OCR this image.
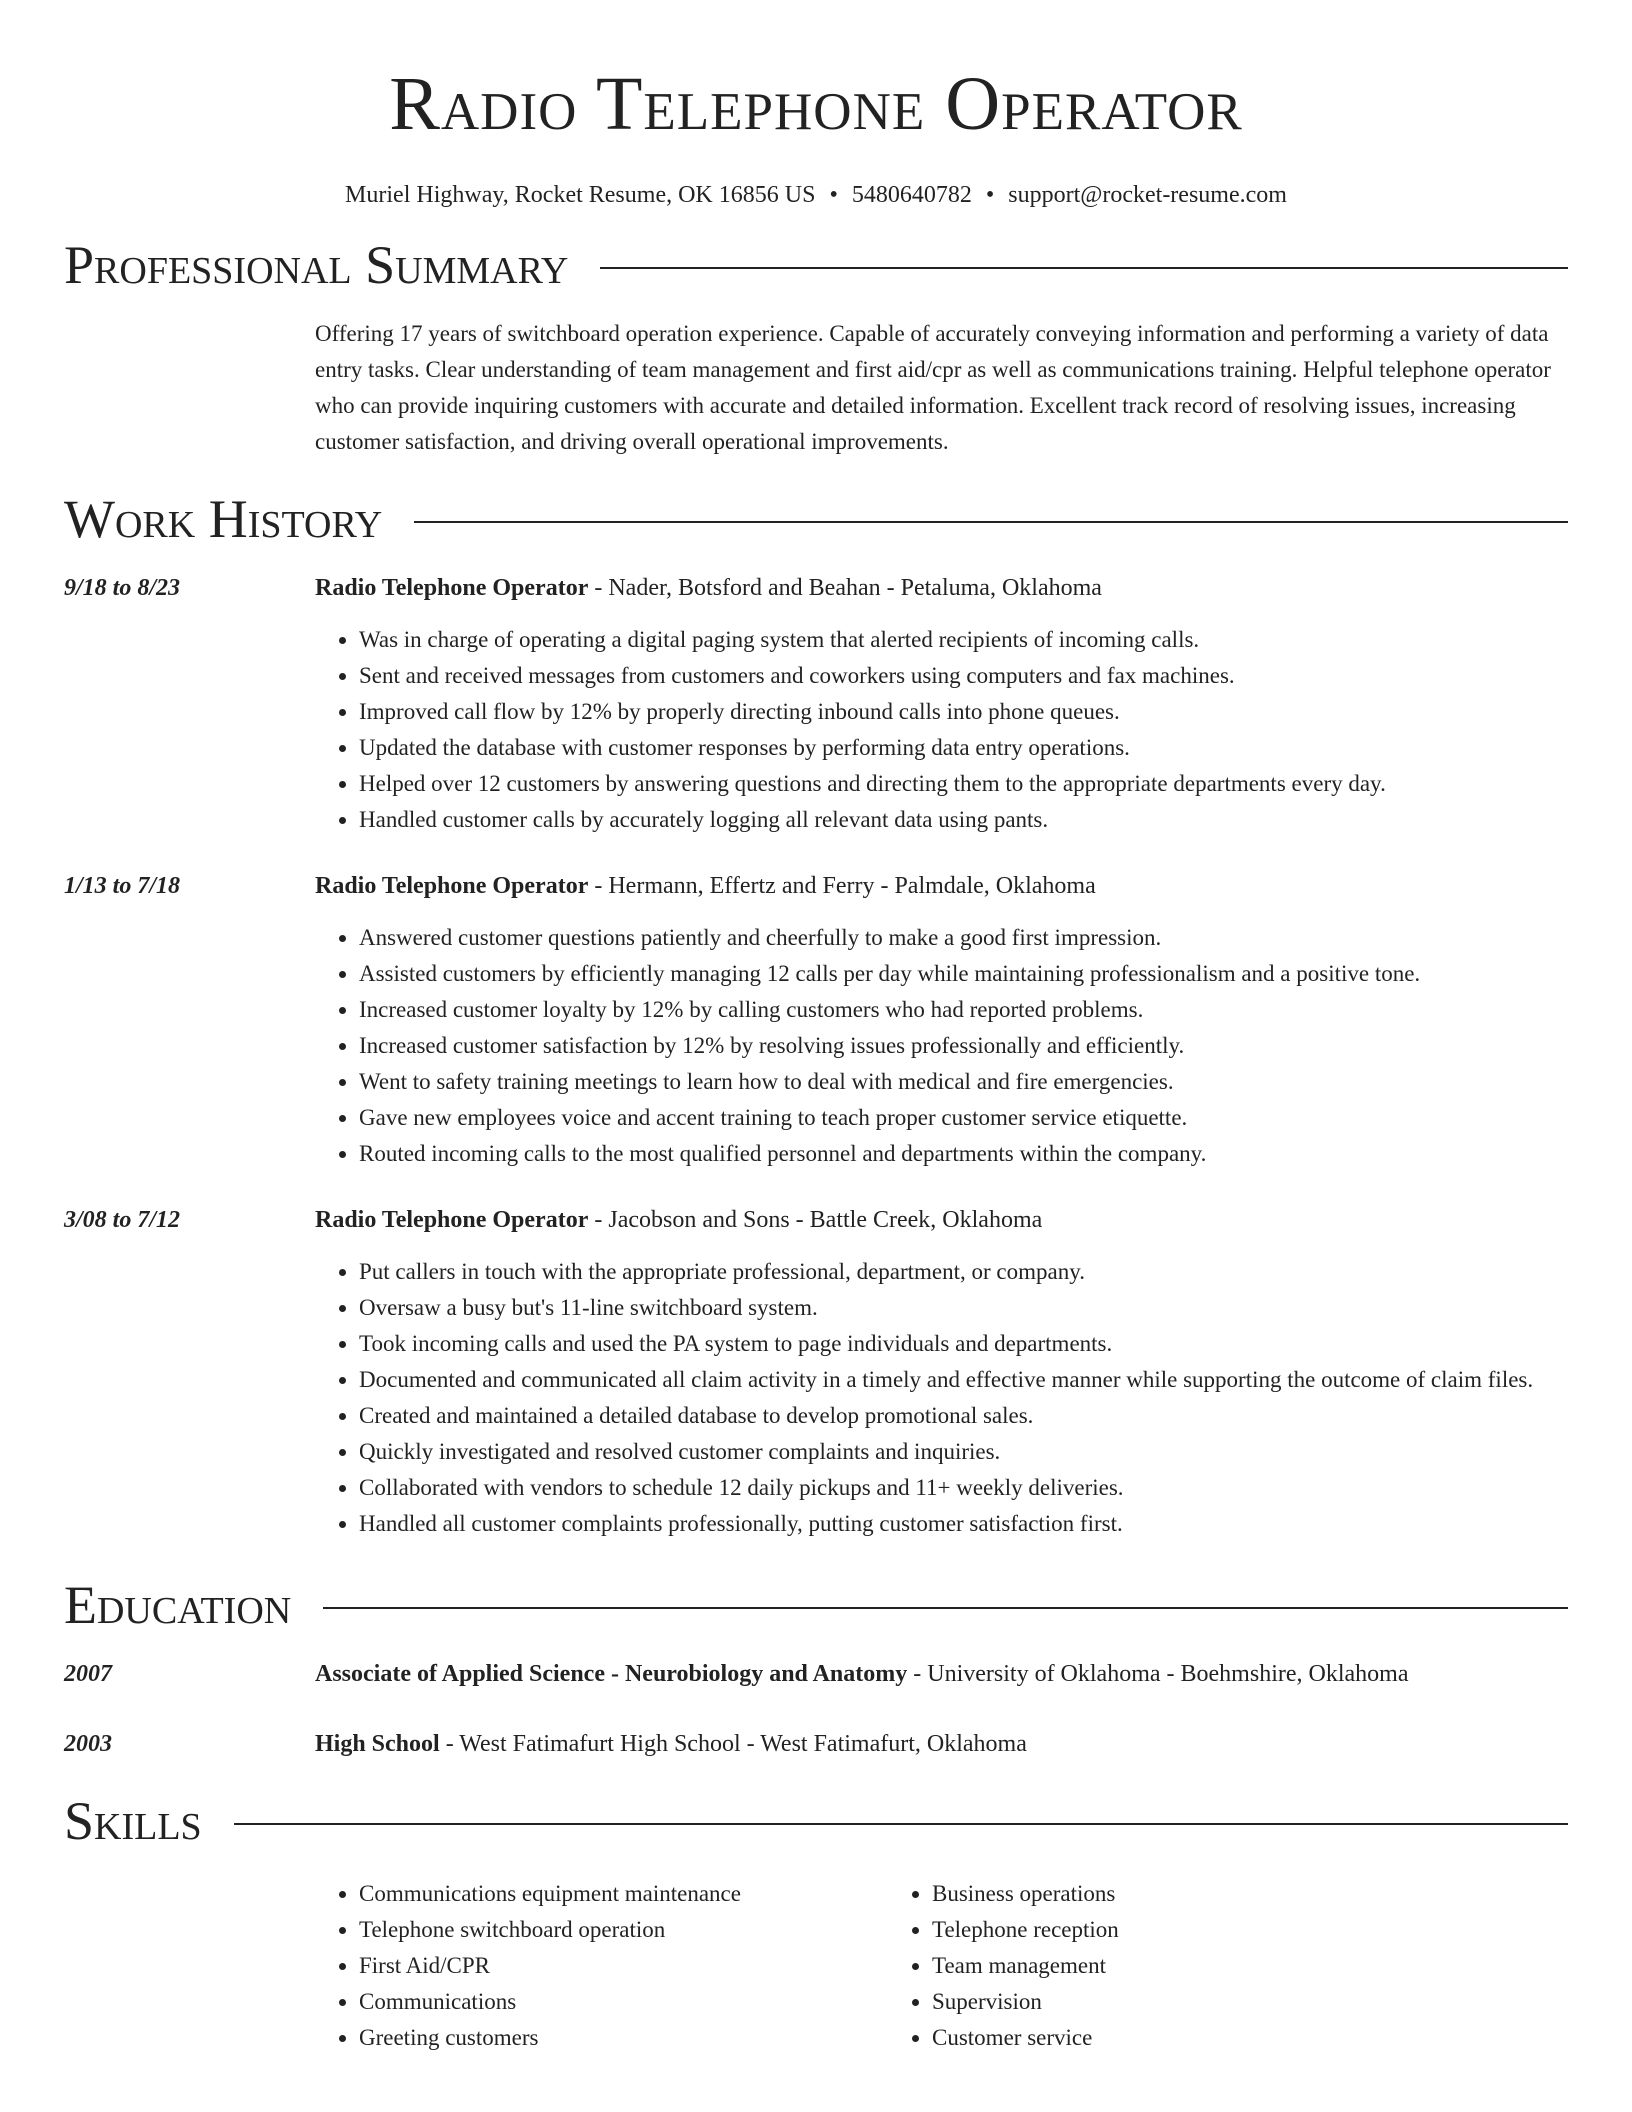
Radio Telephone Operator
Muriel Highway, Rocket Resume, OK 16856 US • 5480640782 • support@rocket-resume.com
Professional Summary
Offering 17 years of switchboard operation experience. Capable of accurately conveying information and performing a variety of data entry tasks. Clear understanding of team management and first aid/cpr as well as communications training. Helpful telephone operator who can provide inquiring customers with accurate and detailed information. Excellent track record of resolving issues, increasing customer satisfaction, and driving overall operational improvements.
Work History
9/18 to 8/23	Radio Telephone Operator - Nader, Botsford and Beahan - Petaluma, Oklahoma
• Was in charge of operating a digital paging system that alerted recipients of incoming calls.
• Sent and received messages from customers and coworkers using computers and fax machines.
• Improved call flow by 12% by properly directing inbound calls into phone queues.
• Updated the database with customer responses by performing data entry operations.
• Helped over 12 customers by answering questions and directing them to the appropriate departments every day.
• Handled customer calls by accurately logging all relevant data using pants.
1/13 to 7/18	Radio Telephone Operator - Hermann, Effertz and Ferry - Palmdale, Oklahoma
• Answered customer questions patiently and cheerfully to make a good first impression.
• Assisted customers by efficiently managing 12 calls per day while maintaining professionalism and a positive tone.
• Increased customer loyalty by 12% by calling customers who had reported problems.
• Increased customer satisfaction by 12% by resolving issues professionally and efficiently.
• Went to safety training meetings to learn how to deal with medical and fire emergencies.
• Gave new employees voice and accent training to teach proper customer service etiquette.
• Routed incoming calls to the most qualified personnel and departments within the company.
3/08 to 7/12	Radio Telephone Operator - Jacobson and Sons - Battle Creek, Oklahoma
• Put callers in touch with the appropriate professional, department, or company.
• Oversaw a busy but's 11-line switchboard system.
• Took incoming calls and used the PA system to page individuals and departments.
• Documented and communicated all claim activity in a timely and effective manner while supporting the outcome of claim files.
• Created and maintained a detailed database to develop promotional sales.
• Quickly investigated and resolved customer complaints and inquiries.
• Collaborated with vendors to schedule 12 daily pickups and 11+ weekly deliveries.
• Handled all customer complaints professionally, putting customer satisfaction first.
Education
2007	Associate of Applied Science - Neurobiology and Anatomy - University of Oklahoma - Boehmshire, Oklahoma
2003	High School - West Fatimafurt High School - West Fatimafurt, Oklahoma
Skills
• Communications equipment maintenance
• Telephone switchboard operation
• First Aid/CPR
• Communications
• Greeting customers
• Business operations
• Telephone reception
• Team management
• Supervision
• Customer service
